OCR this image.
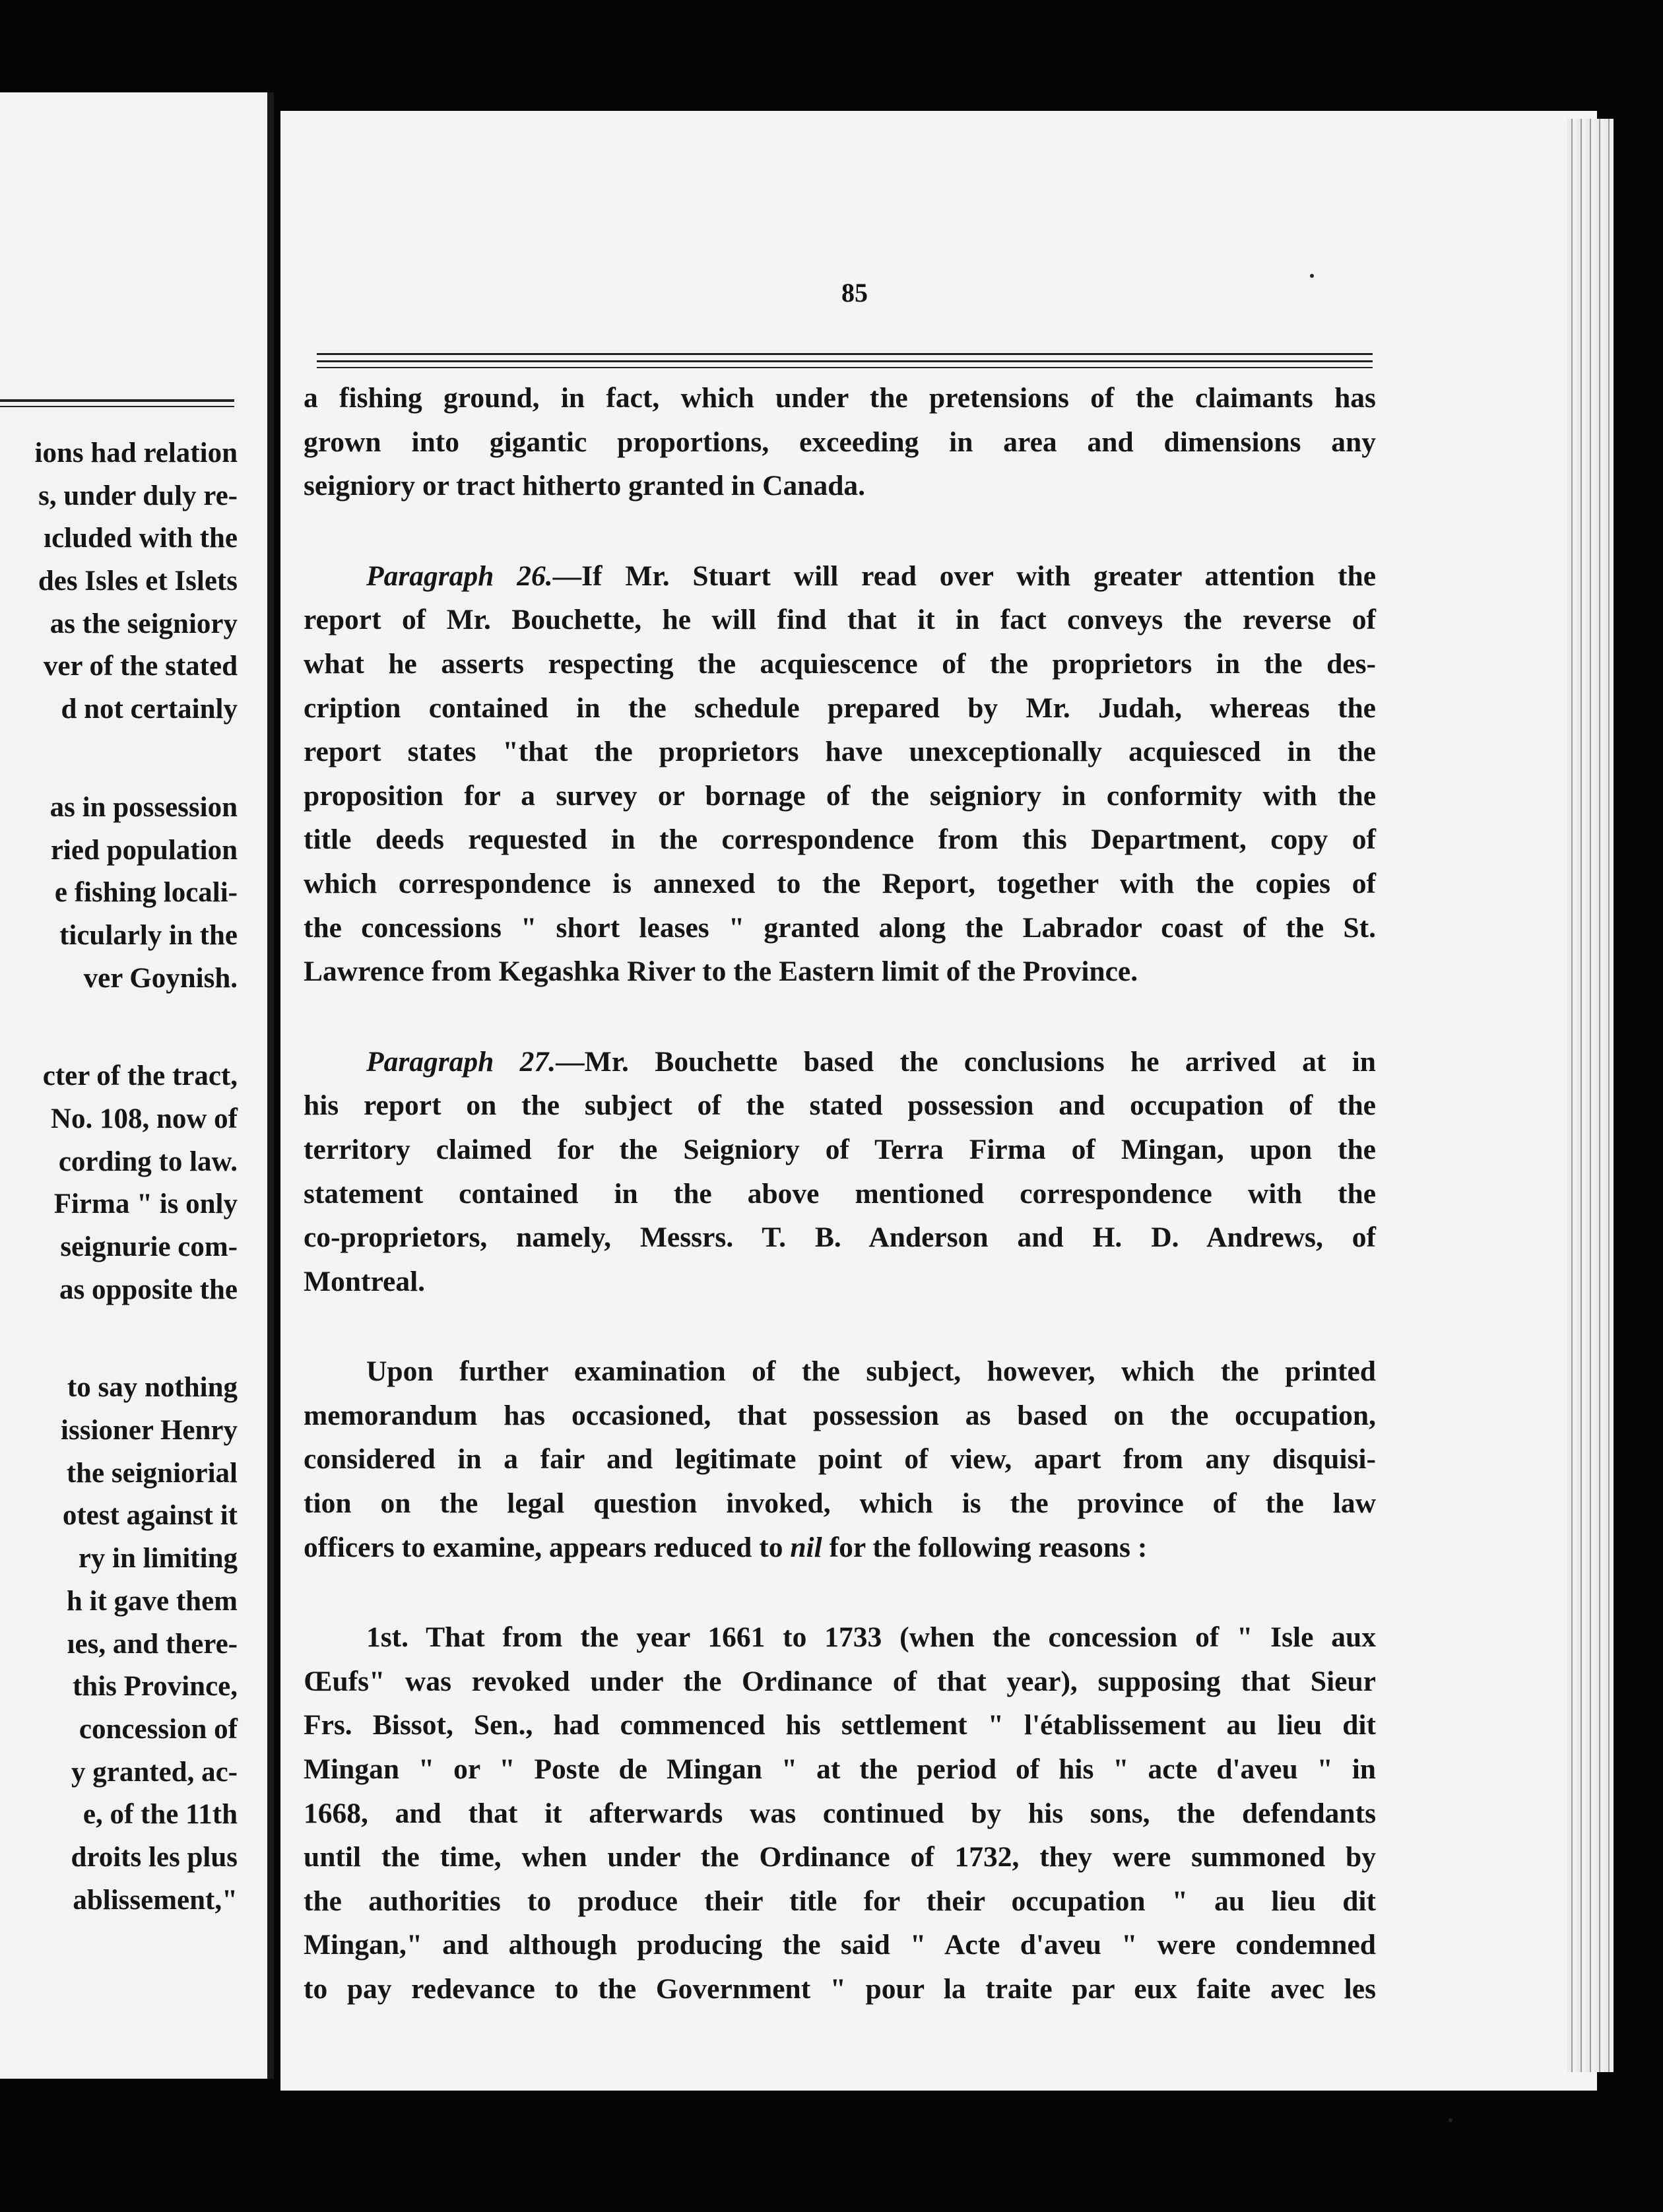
ions had relation
s, under duly re-
ıcluded with the
des Isles et Islets
as the seigniory
ver of the stated
d not certainly
as in possession
ried population
e fishing locali-
ticularly in the
ver Goynish.
cter of the tract,
No. 108, now of
cording to law.
Firma " is only
seignurie com-
as opposite the
to say nothing
issioner Henry
the seigniorial
otest against it
ry in limiting
h it gave them
ıes, and there-
this Province,
concession of
y granted, ac-
e, of the 11th
droits les plus
ablissement,"
85
a fishing ground, in fact, which under the pretensions of the claimants has
grown into gigantic proportions, exceeding in area and dimensions any
seigniory or tract hitherto granted in Canada.
Paragraph 26.—If Mr. Stuart will read over with greater attention the
report of Mr. Bouchette, he will find that it in fact conveys the reverse of
what he asserts respecting the acquiescence of the proprietors in the des-
cription contained in the schedule prepared by Mr. Judah, whereas the
report states "that the proprietors have unexceptionally acquiesced in the
proposition for a survey or bornage of the seigniory in conformity with the
title deeds requested in the correspondence from this Department, copy of
which correspondence is annexed to the Report, together with the copies of
the concessions " short leases " granted along the Labrador coast of the St.
Lawrence from Kegashka River to the Eastern limit of the Province.
Paragraph 27.—Mr. Bouchette based the conclusions he arrived at in
his report on the subject of the stated possession and occupation of the
territory claimed for the Seigniory of Terra Firma of Mingan, upon the
statement contained in the above mentioned correspondence with the
co-proprietors, namely, Messrs. T. B. Anderson and H. D. Andrews, of
Montreal.
Upon further examination of the subject, however, which the printed
memorandum has occasioned, that possession as based on the occupation,
considered in a fair and legitimate point of view, apart from any disquisi-
tion on the legal question invoked, which is the province of the law
officers to examine, appears reduced to nil for the following reasons :
1st. That from the year 1661 to 1733 (when the concession of " Isle aux
Œufs" was revoked under the Ordinance of that year), supposing that Sieur
Frs. Bissot, Sen., had commenced his settlement " l'établissement au lieu dit
Mingan " or " Poste de Mingan " at the period of his " acte d'aveu " in
1668, and that it afterwards was continued by his sons, the defendants
until the time, when under the Ordinance of 1732, they were summoned by
the authorities to produce their title for their occupation " au lieu dit
Mingan," and although producing the said " Acte d'aveu " were condemned
to pay redevance to the Government " pour la traite par eux faite avec les
